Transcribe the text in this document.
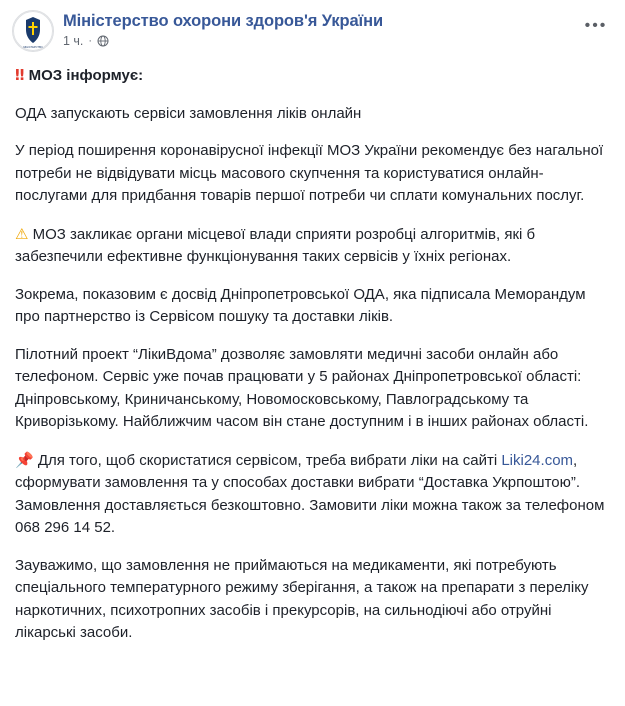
МІНІСТЕРСТВО
Міністерство охорони здоров'я України
1 ч. ·
•••

‼ МОЗ інформує:

ОДА запускають сервіси замовлення ліків онлайн

У період поширення коронавірусної інфекції МОЗ України рекомендує без нагальної потреби не відвідувати місць масового скупчення та користуватися онлайн-послугами для придбання товарів першої потреби чи сплати комунальних послуг.

⚠ МОЗ закликає органи місцевої влади сприяти розробці алгоритмів, які б забезпечили ефективне функціонування таких сервісів у їхніх регіонах.

Зокрема, показовим є досвід Дніпропетровської ОДА, яка підписала Меморандум про партнерство із Сервісом пошуку та доставки ліків.

Пілотний проект “ЛікиВдома” дозволяє замовляти медичні засоби онлайн або телефоном. Сервіс уже почав працювати у 5 районах Дніпропетровської області: Дніпровському, Криничанському, Новомосковському, Павлоградському та Криворізькому. Найближчим часом він стане доступним і в інших районах області.

📌 Для того, щоб скористатися сервісом, треба вибрати ліки на сайті Liki24.com, сформувати замовлення та у способах доставки вибрати “Доставка Укрпоштою”. Замовлення доставляється безкоштовно. Замовити ліки можна також за телефоном 068 296 14 52.

Зауважимо, що замовлення не приймаються на медикаменти, які потребують спеціального температурного режиму зберігання, а також на препарати з переліку наркотичних, психотропних засобів і прекурсорів, на сильнодіючі або отруйні лікарські засоби.
